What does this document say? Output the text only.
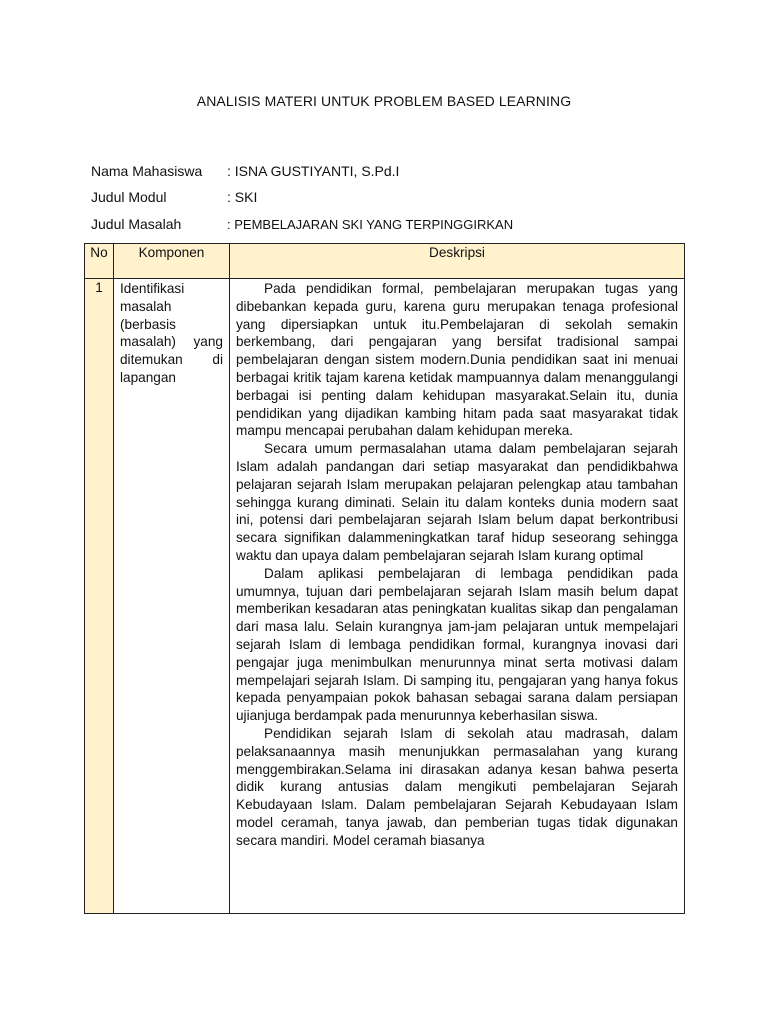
ANALISIS MATERI UNTUK PROBLEM BASED LEARNING
Nama Mahasiswa : ISNA GUSTIYANTI, S.Pd.I
Judul Modul	: SKI
Judul Masalah	: PEMBELAJARAN SKI YANG TERPINGGIRKAN
No	Komponen	Deskripsi
1	Identifikasi masalah (berbasis masalah) yang ditemukan di lapangan	Pada pendidikan formal, pembelajaran merupakan tugas yang dibebankan kepada guru, karena guru merupakan tenaga profesional yang dipersiapkan untuk itu.Pembelajaran di sekolah semakin berkembang, dari pengajaran yang bersifat tradisional sampai pembelajaran dengan sistem modern.Dunia pendidikan saat ini menuai berbagai kritik tajam karena ketidak mampuannya dalam menanggulangi berbagai isi penting dalam kehidupan masyarakat.Selain itu, dunia pendidikan yang dijadikan kambing hitam pada saat masyarakat tidak mampu mencapai perubahan dalam kehidupan mereka.

Secara umum permasalahan utama dalam pembelajaran sejarah Islam adalah pandangan dari setiap masyarakat dan pendidikbahwa pelajaran sejarah Islam merupakan pelajaran pelengkap atau tambahan sehingga kurang diminati. Selain itu dalam konteks dunia modern saat ini, potensi dari pembelajaran sejarah Islam belum dapat berkontribusi secara signifikan dalammeningkatkan taraf hidup seseorang sehingga waktu dan upaya dalam pembelajaran sejarah Islam kurang optimal

Dalam aplikasi pembelajaran di lembaga pendidikan pada umumnya, tujuan dari pembelajaran sejarah Islam masih belum dapat memberikan kesadaran atas peningkatan kualitas sikap dan pengalaman dari masa lalu. Selain kurangnya jam-jam pelajaran untuk mempelajari sejarah Islam di lembaga pendidikan formal, kurangnya inovasi dari pengajar juga menimbulkan menurunnya minat serta motivasi dalam mempelajari sejarah Islam. Di samping itu, pengajaran yang hanya fokus kepada penyampaian pokok bahasan sebagai sarana dalam persiapan ujianjuga berdampak pada menurunnya keberhasilan siswa.

Pendidikan sejarah Islam di sekolah atau madrasah, dalam pelaksanaannya masih menunjukkan permasalahan yang kurang menggembirakan.Selama ini dirasakan adanya kesan bahwa peserta didik kurang antusias dalam mengikuti pembelajaran Sejarah Kebudayaan Islam. Dalam pembelajaran Sejarah Kebudayaan Islam model ceramah, tanya jawab, dan pemberian tugas tidak digunakan secara mandiri. Model ceramah biasanya
